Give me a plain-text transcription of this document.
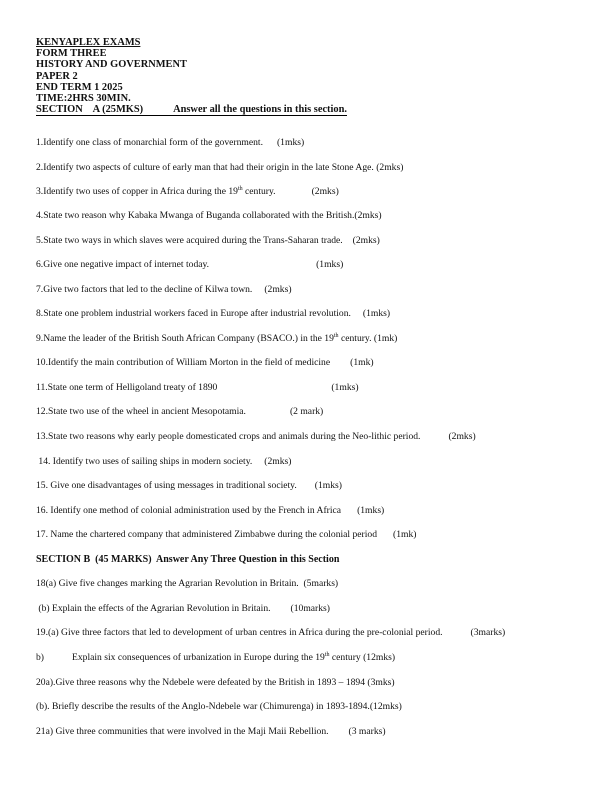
KENYAPLEX EXAMS
FORM THREE
HISTORY AND GOVERNMENT
PAPER 2
END TERM 1 2025
TIME:2HRS 30MIN.
SECTION    A (25MKS)	Answer all the questions in this section.
1.Identify one class of monarchial form of the government. (1mks)
2.Identify two aspects of culture of early man that had their origin in the late Stone Age. (2mks)
3.Identify two uses of copper in Africa during the 19th century.	(2mks)
4.State two reason why Kabaka Mwanga of Buganda collaborated with the British.(2mks)
5.State two ways in which slaves were acquired during the Trans-Saharan trade. (2mks)
6.Give one negative impact of internet today.	(1mks)
7.Give two factors that led to the decline of Kilwa town. (2mks)
8.State one problem industrial workers faced in Europe after industrial revolution. (1mks)
9.Name the leader of the British South African Company (BSACO.) in the 19th century. (1mk)
10.Identify the main contribution of William Morton in the field of medicine (1mk)
11.State one term of Helligoland treaty of 1890	(1mks)
12.State two use of the wheel in ancient Mesopotamia.	(2 mark)
13.State two reasons why early people domesticated crops and animals during the Neo-lithic period.	(2mks)
14. Identify two uses of sailing ships in modern society. (2mks)
15. Give one disadvantages of using messages in traditional society. (1mks)
16. Identify one method of colonial administration used by the French in Africa (1mks)
17. Name the chartered company that administered Zimbabwe during the colonial period (1mk)
SECTION B  (45 MARKS)  Answer Any Three Question in this Section
18(a) Give five changes marking the Agrarian Revolution in Britain.  (5marks)
(b) Explain the effects of the Agrarian Revolution in Britain. (10marks)
19.(a) Give three factors that led to development of urban centres in Africa during the pre-colonial period.	(3marks)
b)	Explain six consequences of urbanization in Europe during the 19th century (12mks)
20a).Give three reasons why the Ndebele were defeated by the British in 1893 – 1894 (3mks)
(b). Briefly describe the results of the Anglo-Ndebele war (Chimurenga) in 1893-1894.(12mks)
21a) Give three communities that were involved in the Maji Maii Rebellion. (3 marks)
